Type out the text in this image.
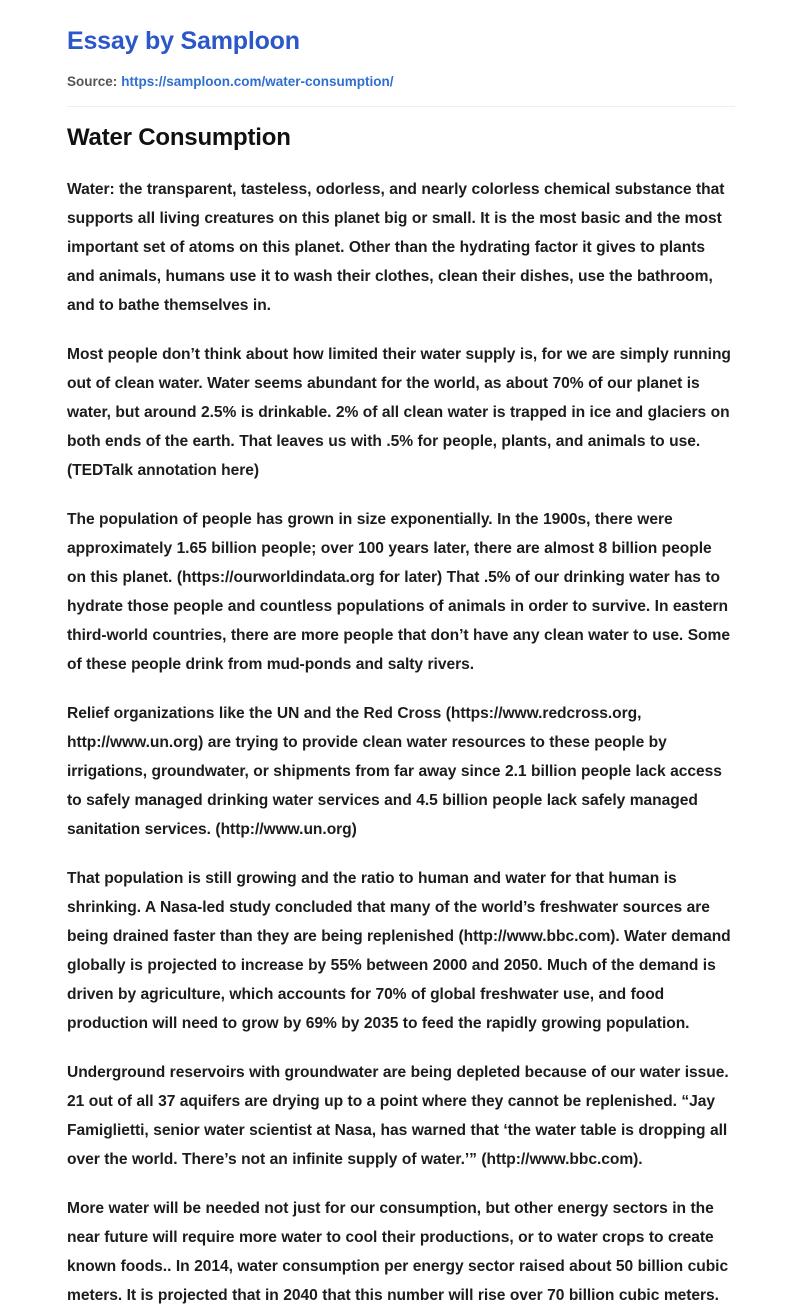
Essay by Samploon
Source: https://samploon.com/water-consumption/
Water Consumption

Water: the transparent, tasteless, odorless, and nearly colorless chemical substance that supports all living creatures on this planet big or small. It is the most basic and the most important set of atoms on this planet. Other than the hydrating factor it gives to plants and animals, humans use it to wash their clothes, clean their dishes, use the bathroom, and to bathe themselves in.

Most people don’t think about how limited their water supply is, for we are simply running out of clean water. Water seems abundant for the world, as about 70% of our planet is water, but around 2.5% is drinkable. 2% of all clean water is trapped in ice and glaciers on both ends of the earth. That leaves us with .5% for people, plants, and animals to use. (TEDTalk annotation here)

The population of people has grown in size exponentially. In the 1900s, there were approximately 1.65 billion people; over 100 years later, there are almost 8 billion people on this planet. (https://ourworldindata.org for later) That .5% of our drinking water has to hydrate those people and countless populations of animals in order to survive. In eastern third-world countries, there are more people that don’t have any clean water to use. Some of these people drink from mud-ponds and salty rivers.

Relief organizations like the UN and the Red Cross (https://www.redcross.org, http://www.un.org) are trying to provide clean water resources to these people by irrigations, groundwater, or shipments from far away since 2.1 billion people lack access to safely managed drinking water services and 4.5 billion people lack safely managed sanitation services. (http://www.un.org)

That population is still growing and the ratio to human and water for that human is shrinking. A Nasa-led study concluded that many of the world’s freshwater sources are being drained faster than they are being replenished (http://www.bbc.com). Water demand globally is projected to increase by 55% between 2000 and 2050. Much of the demand is driven by agriculture, which accounts for 70% of global freshwater use, and food production will need to grow by 69% by 2035 to feed the rapidly growing population.

Underground reservoirs with groundwater are being depleted because of our water issue. 21 out of all 37 aquifers are drying up to a point where they cannot be replenished. “Jay Famiglietti, senior water scientist at Nasa, has warned that ‘the water table is dropping all over the world. There’s not an infinite supply of water.’” (http://www.bbc.com).

More water will be needed not just for our consumption, but other energy sectors in the near future will require more water to cool their productions, or to water crops to create known foods.. In 2014, water consumption per energy sector raised about 50 billion cubic meters. It is projected that in 2040 that this number will rise over 70 billion cubic meters.
